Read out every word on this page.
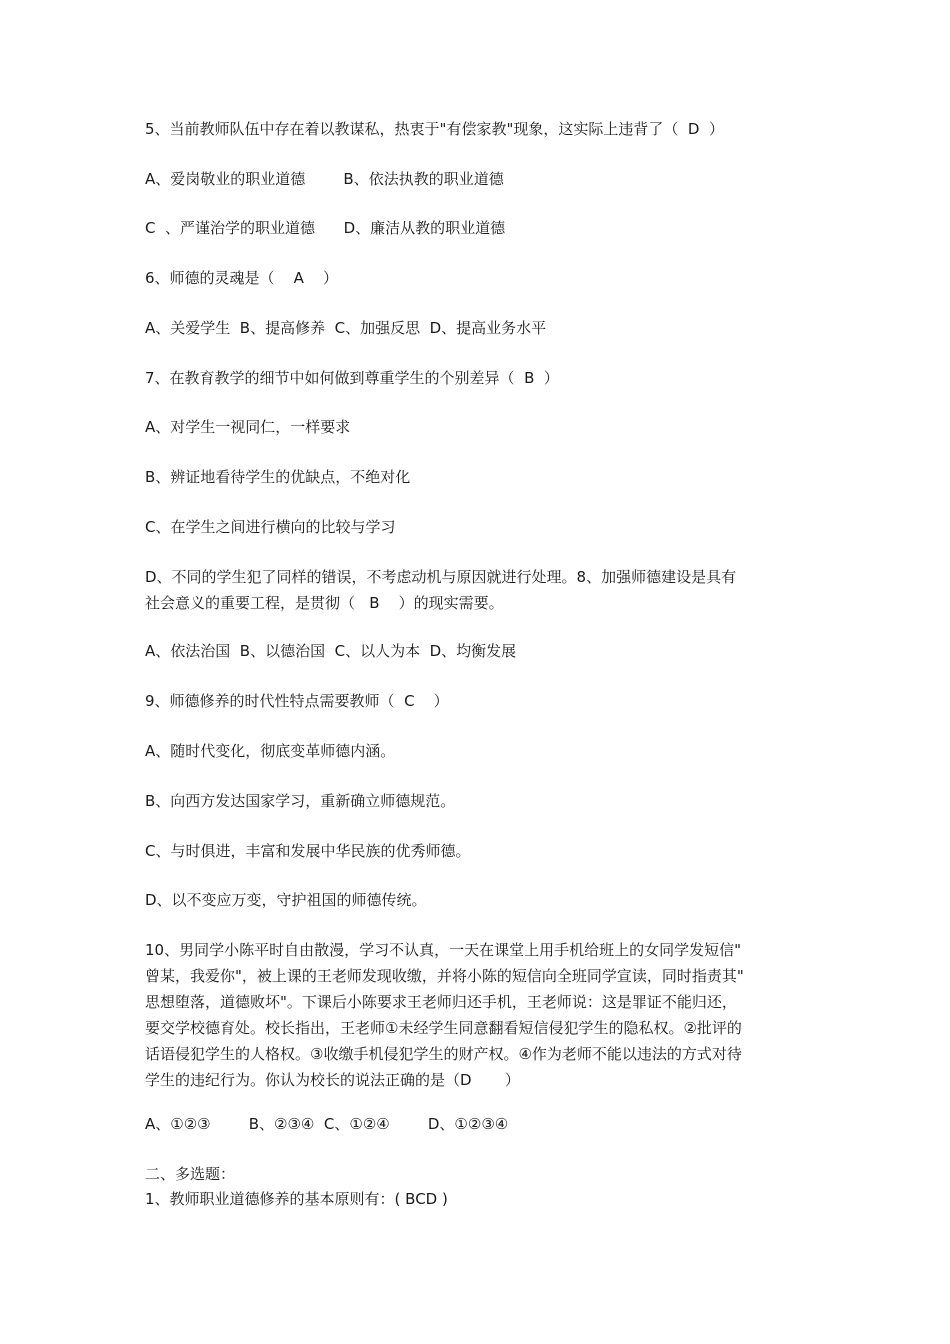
5、当前教师队伍中存在着以教谋私，热衷于"有偿家教"现象，这实际上违背了（  D  ）
A、爱岗敬业的职业道德        B、依法执教的职业道德
C  、严谨治学的职业道德      D、廉洁从教的职业道德
6、师德的灵魂是（    A    ）
A、关爱学生  B、提高修养  C、加强反思  D、提高业务水平
7、在教育教学的细节中如何做到尊重学生的个别差异（  B  ）
A、对学生一视同仁，一样要求
B、辨证地看待学生的优缺点，不绝对化
C、在学生之间进行横向的比较与学习
D、不同的学生犯了同样的错误，不考虑动机与原因就进行处理。8、加强师德建设是具有
社会意义的重要工程，是贯彻（   B    ）的现实需要。
A、依法治国  B、以德治国  C、以人为本  D、均衡发展
9、师德修养的时代性特点需要教师（  C    ）
A、随时代变化，彻底变革师德内涵。
B、向西方发达国家学习，重新确立师德规范。
C、与时俱进，丰富和发展中华民族的优秀师德。
D、以不变应万变，守护祖国的师德传统。
10、男同学小陈平时自由散漫，学习不认真，一天在课堂上用手机给班上的女同学发短信"
曾某，我爱你"，被上课的王老师发现收缴，并将小陈的短信向全班同学宣读，同时指责其"
思想堕落，道德败坏"。下课后小陈要求王老师归还手机，王老师说：这是罪证不能归还，
要交学校德育处。校长指出，王老师①未经学生同意翻看短信侵犯学生的隐私权。②批评的
话语侵犯学生的人格权。③收缴手机侵犯学生的财产权。④作为老师不能以违法的方式对待
学生的违纪行为。你认为校长的说法正确的是（D       ）
A、①②③        B、②③④  C、①②④        D、①②③④
二、多选题：
1、教师职业道德修养的基本原则有：( BCD )
